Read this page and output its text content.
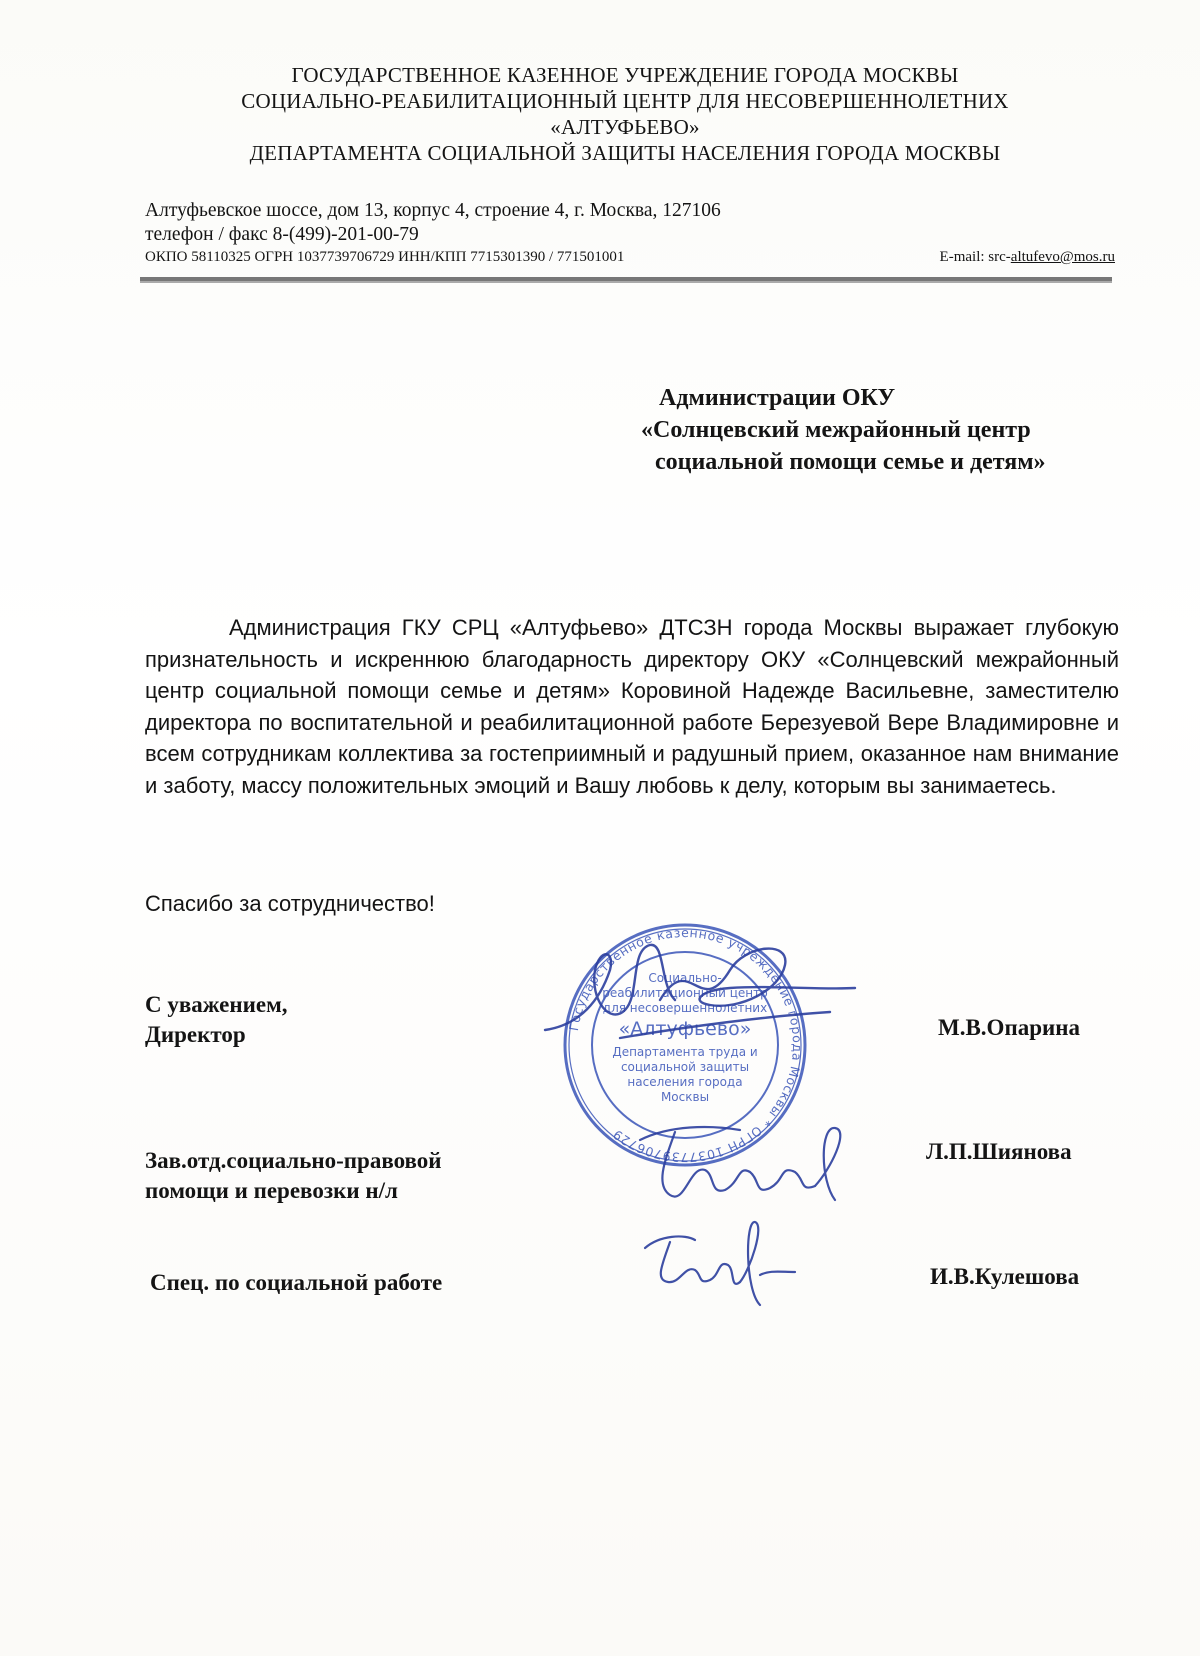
ГОСУДАРСТВЕННОЕ КАЗЕННОЕ УЧРЕЖДЕНИЕ ГОРОДА МОСКВЫ
СОЦИАЛЬНО-РЕАБИЛИТАЦИОННЫЙ ЦЕНТР ДЛЯ НЕСОВЕРШЕННОЛЕТНИХ
«АЛТУФЬЕВО»
ДЕПАРТАМЕНТА СОЦИАЛЬНОЙ ЗАЩИТЫ НАСЕЛЕНИЯ ГОРОДА МОСКВЫ
Алтуфьевское шоссе, дом 13, корпус 4, строение 4, г. Москва, 127106
телефон / факс 8-(499)-201-00-79
ОКПО 58110325 ОГРН 1037739706729 ИНН/КПП 7715301390 / 771501001	E-mail: src-altufevo@mos.ru
Администрации ОКУ
«Солнцевский межрайонный центр
социальной помощи семье и детям»
Администрация ГКУ СРЦ «Алтуфьево» ДТСЗН города Москвы выражает глубокую признательность и искреннюю благодарность директору ОКУ «Солнцевский межрайонный центр социальной помощи семье и детям» Коровиной Надежде Васильевне, заместителю директора по воспитательной и реабилитационной работе Березуевой Вере Владимировне и всем сотрудникам коллектива за гостеприимный и радушный прием, оказанное нам внимание и заботу, массу положительных эмоций и Вашу любовь к делу, которым вы занимаетесь.
Спасибо за сотрудничество!
С уважением,
Директор	М.В.Опарина
Зав.отд.социально-правовой
помощи и перевозки н/л
Л.П.Шиянова
Спец. по социальной работе	И.В.Кулешова
Государственное казенное учреждение города Москвы * ОГРН 1037739706729
Социально-
реабилитационный центр
для несовершеннолетних
«Алтуфьево»
Департамента труда и
социальной защиты
населения города
Москвы
